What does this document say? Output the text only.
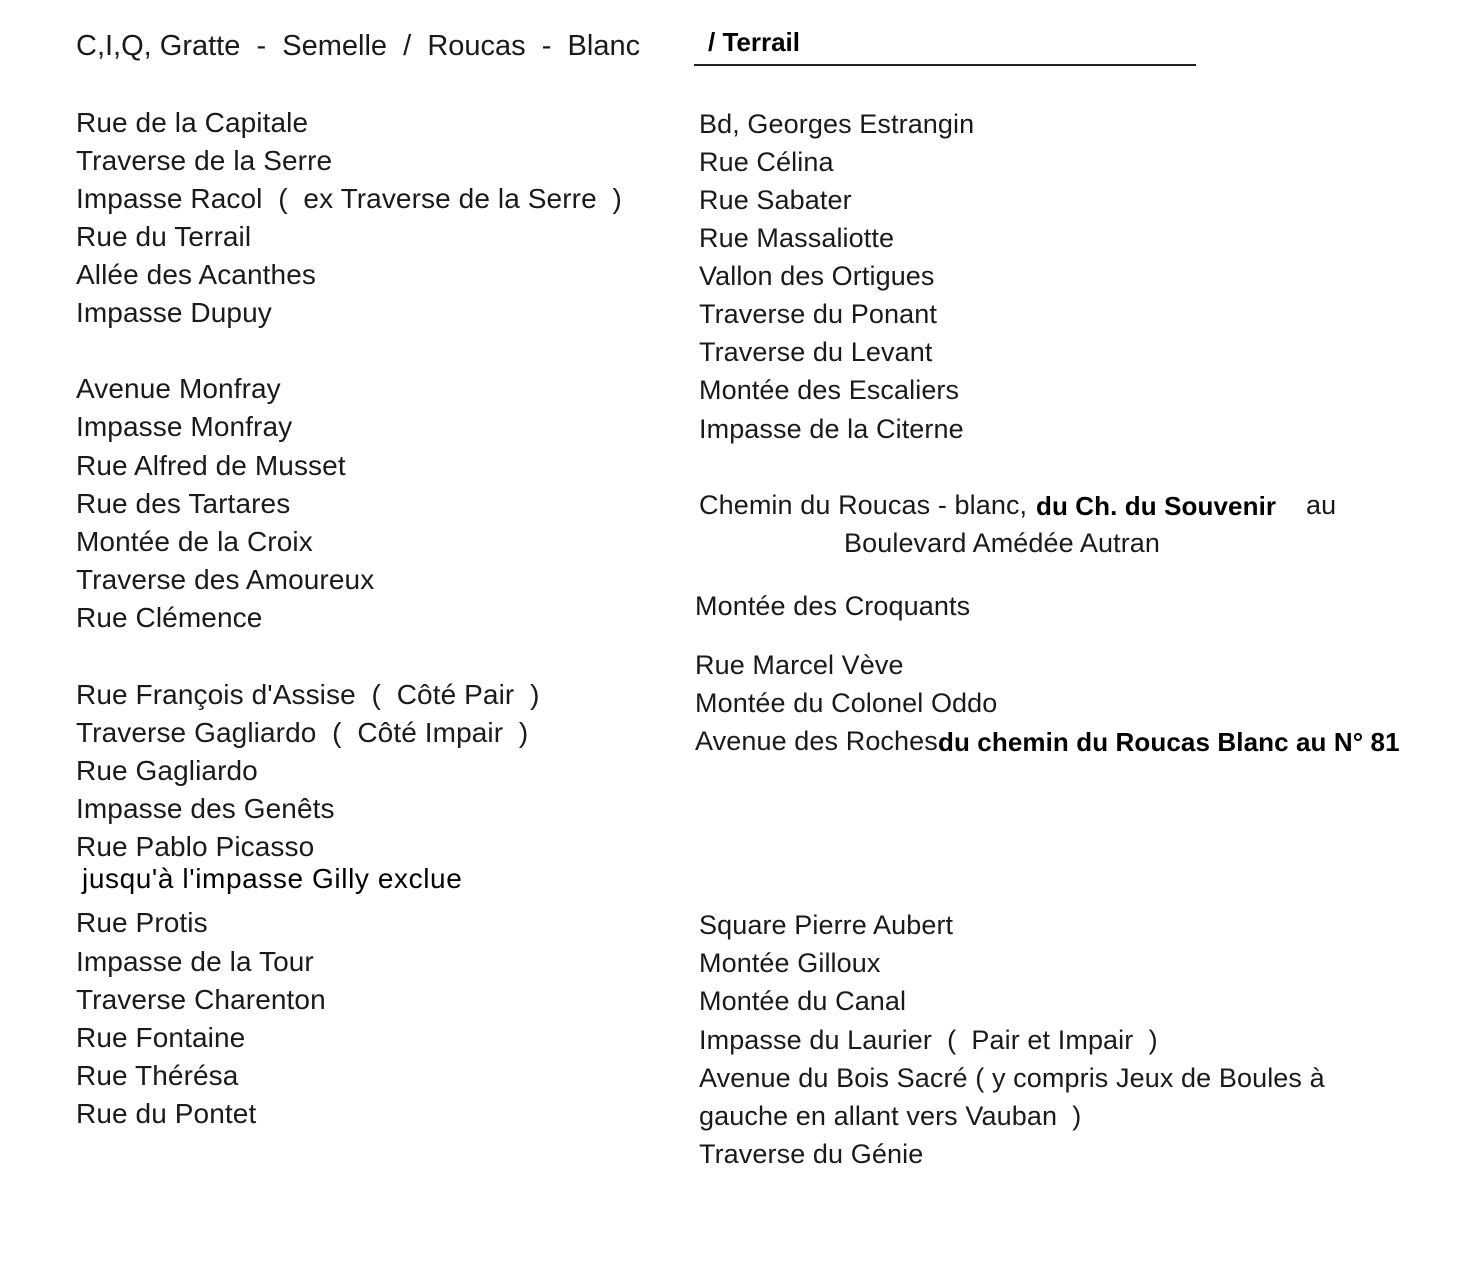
C,I,Q, Gratte  -  Semelle  /  Roucas  -  Blanc	/ Terrail
Rue de la Capitale
Traverse de la Serre
Impasse Racol  (  ex Traverse de la Serre  )
Rue du Terrail
Allée des Acanthes
Impasse Dupuy
Avenue Monfray
Impasse Monfray
Rue Alfred de Musset
Rue des Tartares
Montée de la Croix
Traverse des Amoureux
Rue Clémence
Rue François d'Assise  (  Côté Pair  )
Traverse Gagliardo  (  Côté Impair  )
Rue Gagliardo
Impasse des Genêts
Rue Pablo Picasso
jusqu'à l'impasse Gilly exclue
Rue Protis
Impasse de la Tour
Traverse Charenton
Rue Fontaine
Rue Thérésa
Rue du Pontet
Bd, Georges Estrangin
Rue Célina
Rue Sabater
Rue Massaliotte
Vallon des Ortigues
Traverse du Ponant
Traverse du Levant
Montée des Escaliers
Impasse de la Citerne
Chemin du Roucas - blanc, du Ch. du Souvenir au
Boulevard Amédée Autran
Montée des Croquants
Rue Marcel Vève
Montée du Colonel Oddo
Avenue des Roches du chemin du Roucas Blanc au N° 81
Square Pierre Aubert
Montée Gilloux
Montée du Canal
Impasse du Laurier  (  Pair et Impair  )
Avenue du Bois Sacré ( y compris Jeux de Boules à
gauche en allant vers Vauban  )
Traverse du Génie
